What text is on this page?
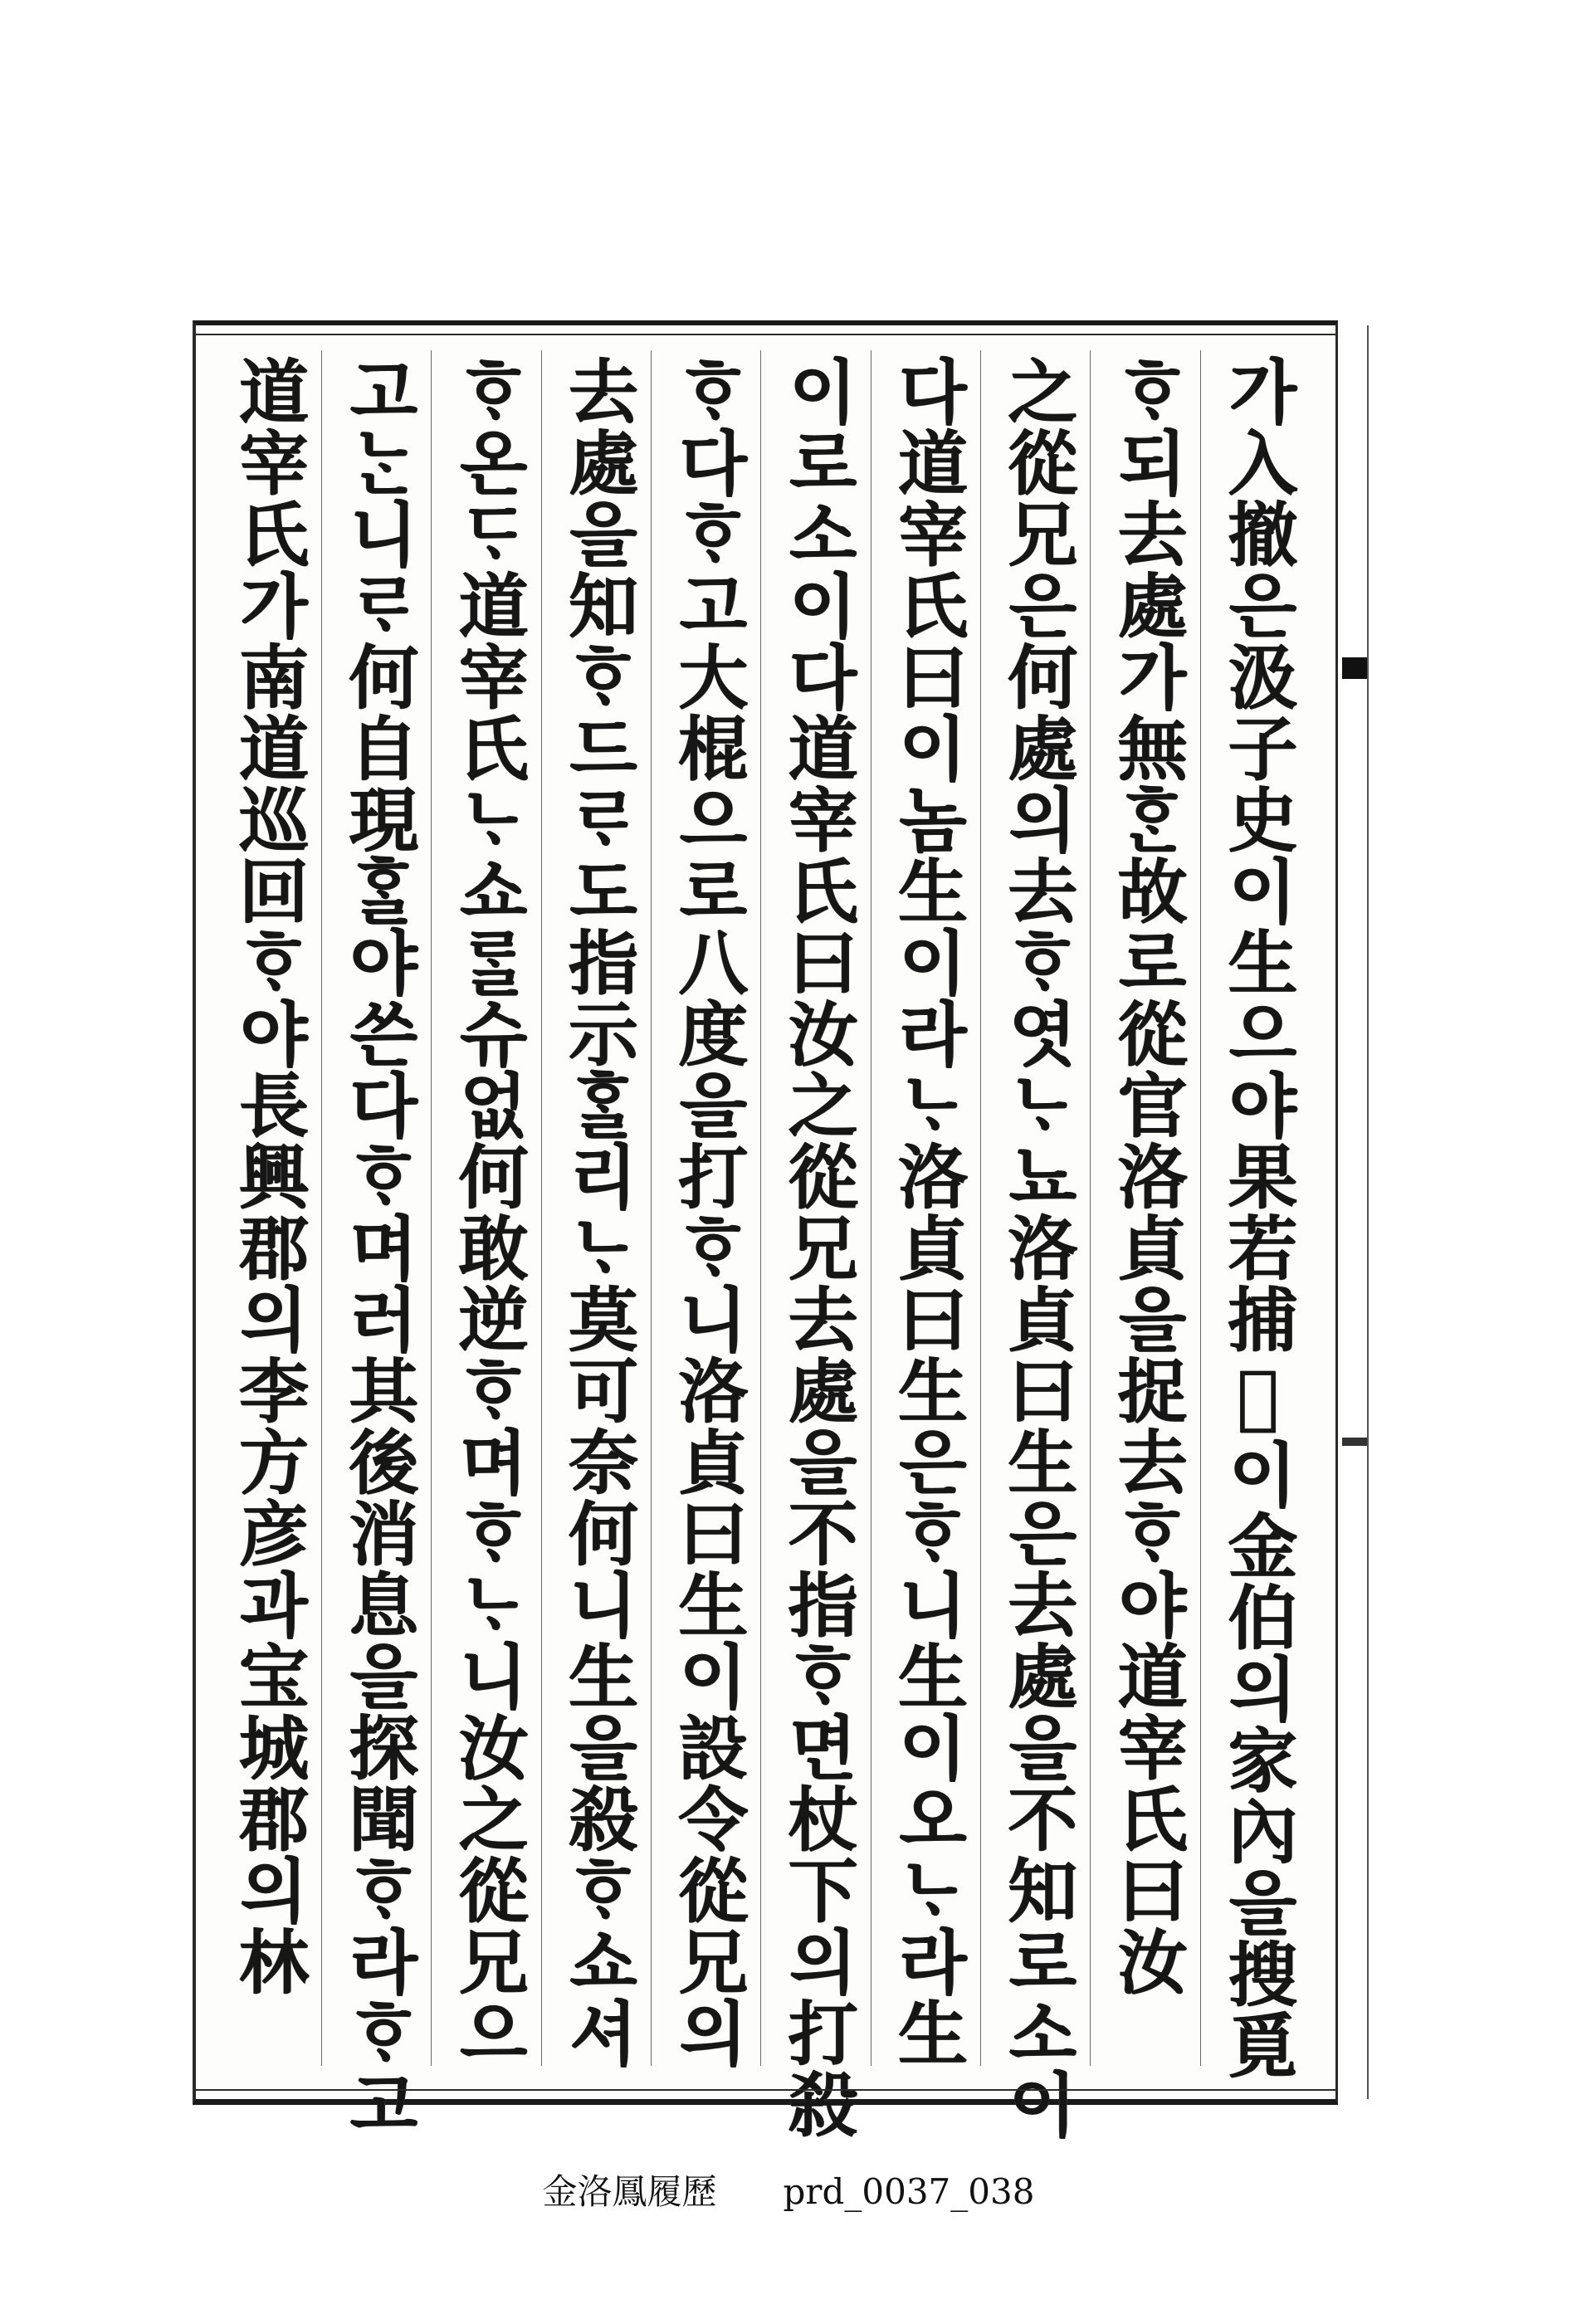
가入撤은汲子史이生으야果若捕𫩝이金伯의家內을搜覓
ᄒᆞ되去處가無ᄒᆞᆫ故로從官洛貞을捉去ᄒᆞ야道宰氏曰汝
之從兄은何處의去ᄒᆞ엿ᄂᆞ뇨洛貞曰生은去處을不知로소이
다道宰氏曰이놈生이라ᄂᆞ洛貞曰生은ᄒᆞ니生이오ᄂᆞ라生
이로소이다道宰氏曰汝之從兄去處을不指ᄒᆞ면杖下의打殺
ᄒᆞ다ᄒᆞ고大棍으로八度을打ᄒᆞ니洛貞曰生이設令從兄의
去處을知ᄒᆞ드ᄅᆞ도指示ᄒᆞᆯ리ᄂᆞ莫可奈何니生을殺ᄒᆞ쇼셔
ᄒᆞ온ᄃᆞ道宰氏ᄂᆞ쇼ᄅᆞᆯ슈없何敢逆ᄒᆞ며ᄒᆞᄂᆞ니汝之從兄으
고ᄂᆞᆫ니ᄅᆞ何自現ᄒᆞᆯ야쓴다ᄒᆞ며러其後消息을探聞ᄒᆞ라ᄒᆞ고
道宰氏가南道巡回ᄒᆞ야長興郡의李方彦과宝城郡의林
金洛鳳履歷 prd_0037_038
